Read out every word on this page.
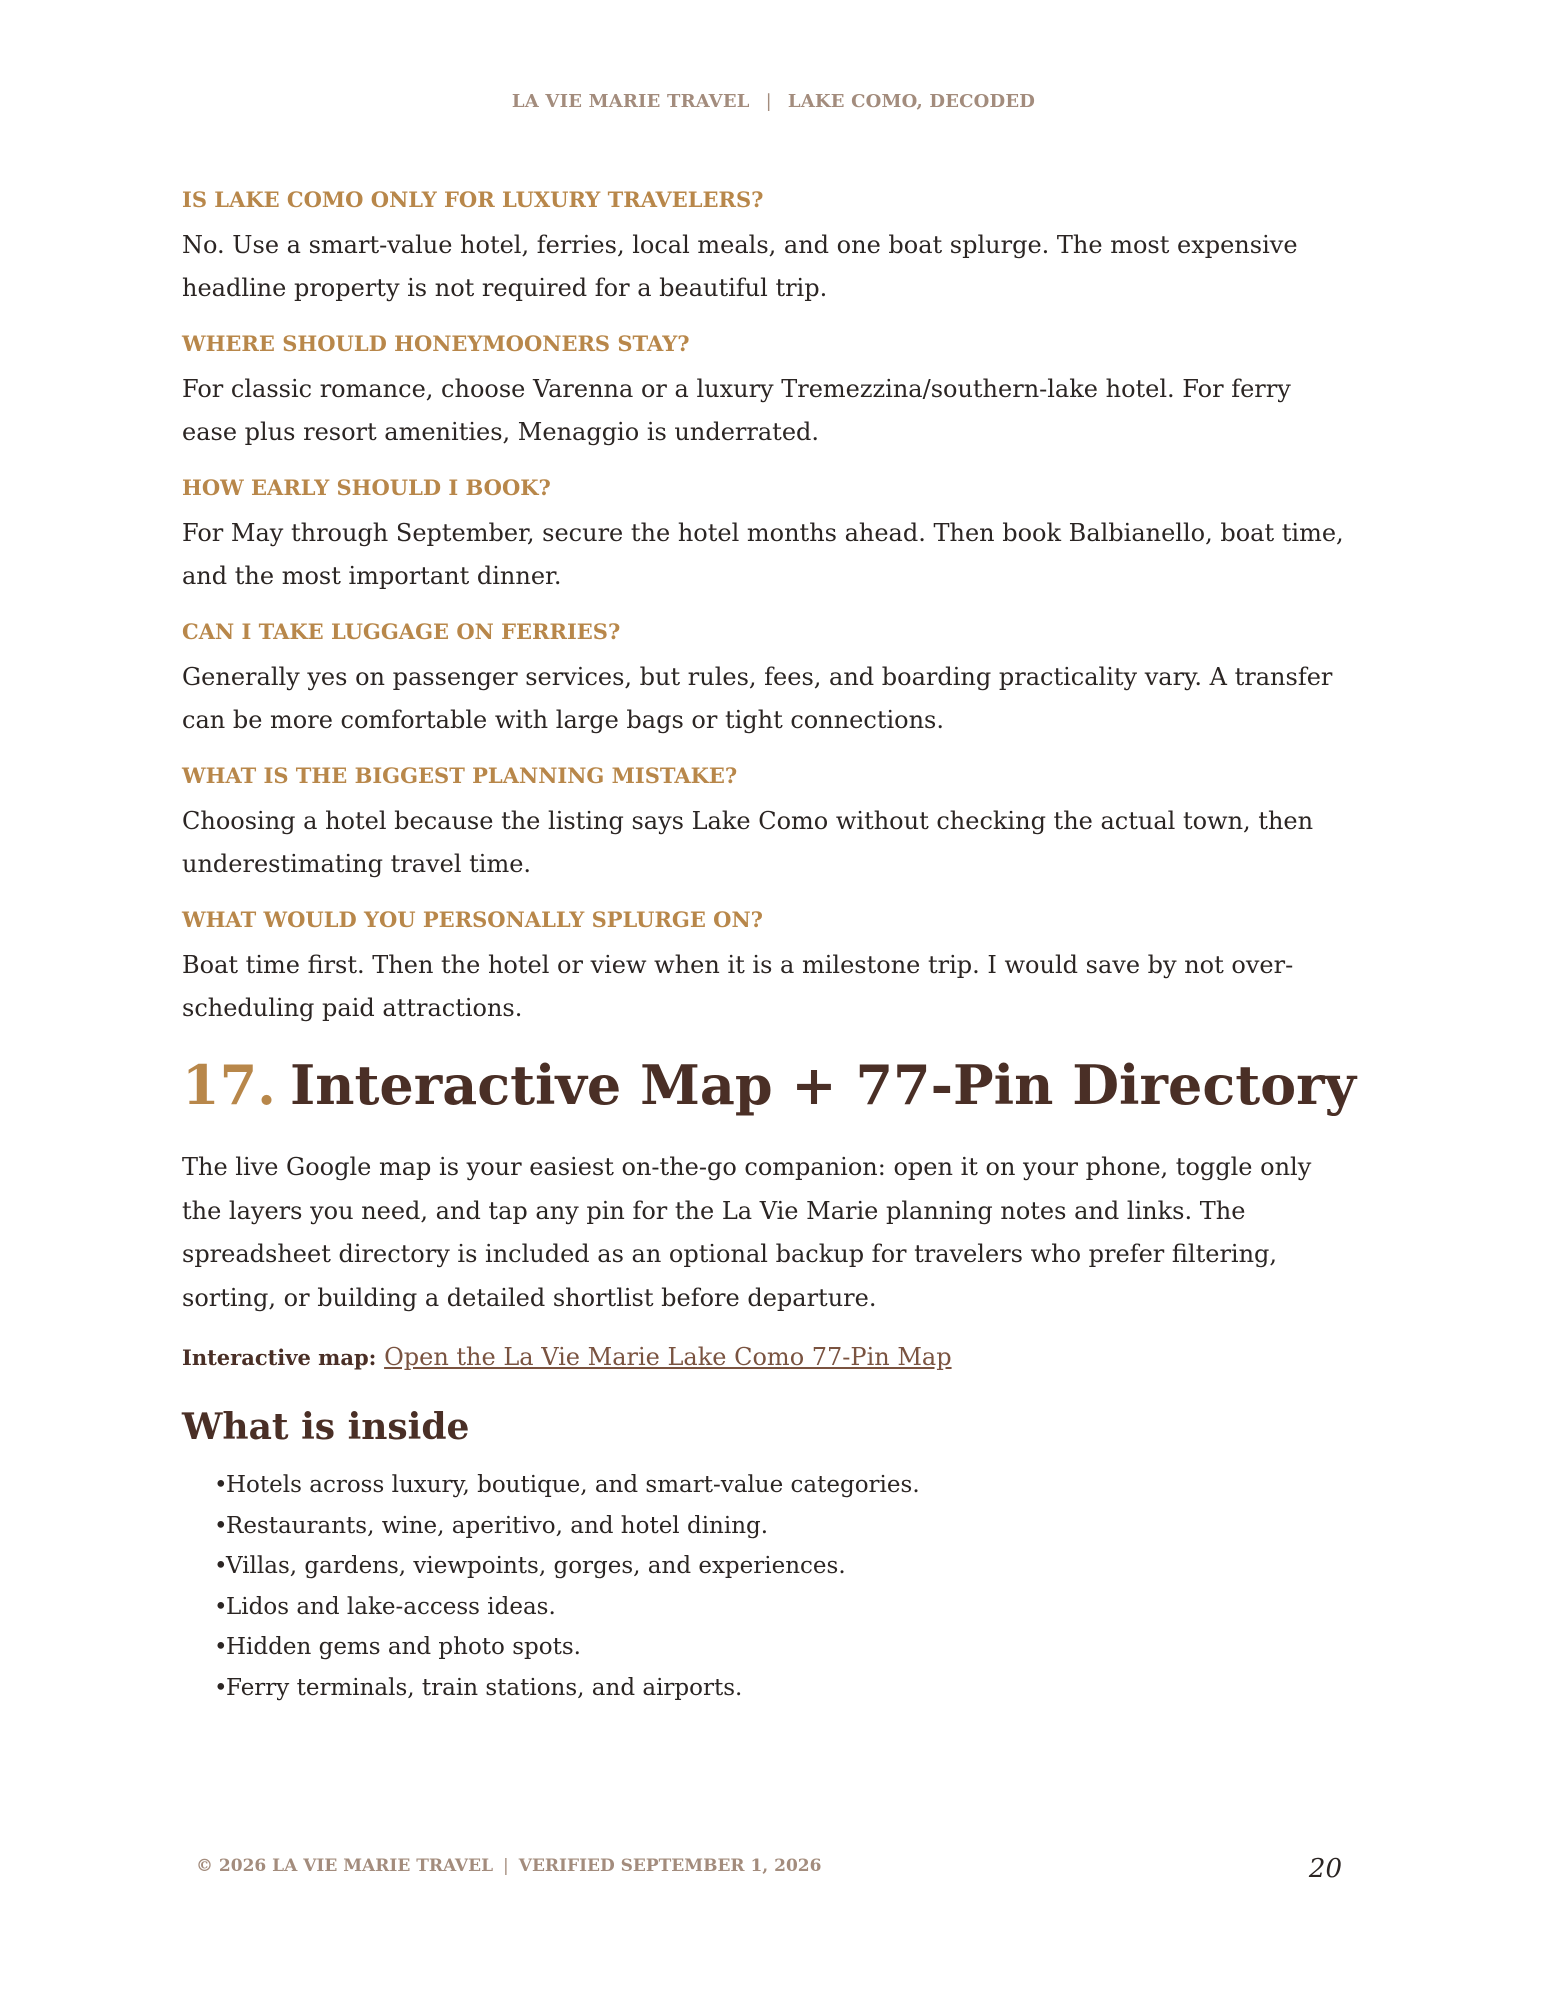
LA VIE MARIE TRAVEL | LAKE COMO, DECODED
IS LAKE COMO ONLY FOR LUXURY TRAVELERS?

No. Use a smart-value hotel, ferries, local meals, and one boat splurge. The most expensive headline property is not required for a beautiful trip.

WHERE SHOULD HONEYMOONERS STAY?

For classic romance, choose Varenna or a luxury Tremezzina/southern-lake hotel. For ferry ease plus resort amenities, Menaggio is underrated.

HOW EARLY SHOULD I BOOK?

For May through September, secure the hotel months ahead. Then book Balbianello, boat time, and the most important dinner.

CAN I TAKE LUGGAGE ON FERRIES?

Generally yes on passenger services, but rules, fees, and boarding practicality vary. A transfer can be more comfortable with large bags or tight connections.

WHAT IS THE BIGGEST PLANNING MISTAKE?

Choosing a hotel because the listing says Lake Como without checking the actual town, then underestimating travel time.

WHAT WOULD YOU PERSONALLY SPLURGE ON?

Boat time first. Then the hotel or view when it is a milestone trip. I would save by not over-scheduling paid attractions.

17. Interactive Map + 77-Pin Directory

The live Google map is your easiest on-the-go companion: open it on your phone, toggle only the layers you need, and tap any pin for the La Vie Marie planning notes and links. The spreadsheet directory is included as an optional backup for travelers who prefer filtering, sorting, or building a detailed shortlist before departure.

Interactive map: Open the La Vie Marie Lake Como 77-Pin Map

What is inside
•Hotels across luxury, boutique, and smart-value categories.
•Restaurants, wine, aperitivo, and hotel dining.
•Villas, gardens, viewpoints, gorges, and experiences.
•Lidos and lake-access ideas.
•Hidden gems and photo spots.
•Ferry terminals, train stations, and airports.
© 2026 LA VIE MARIE TRAVEL | VERIFIED SEPTEMBER 1, 2026	20
